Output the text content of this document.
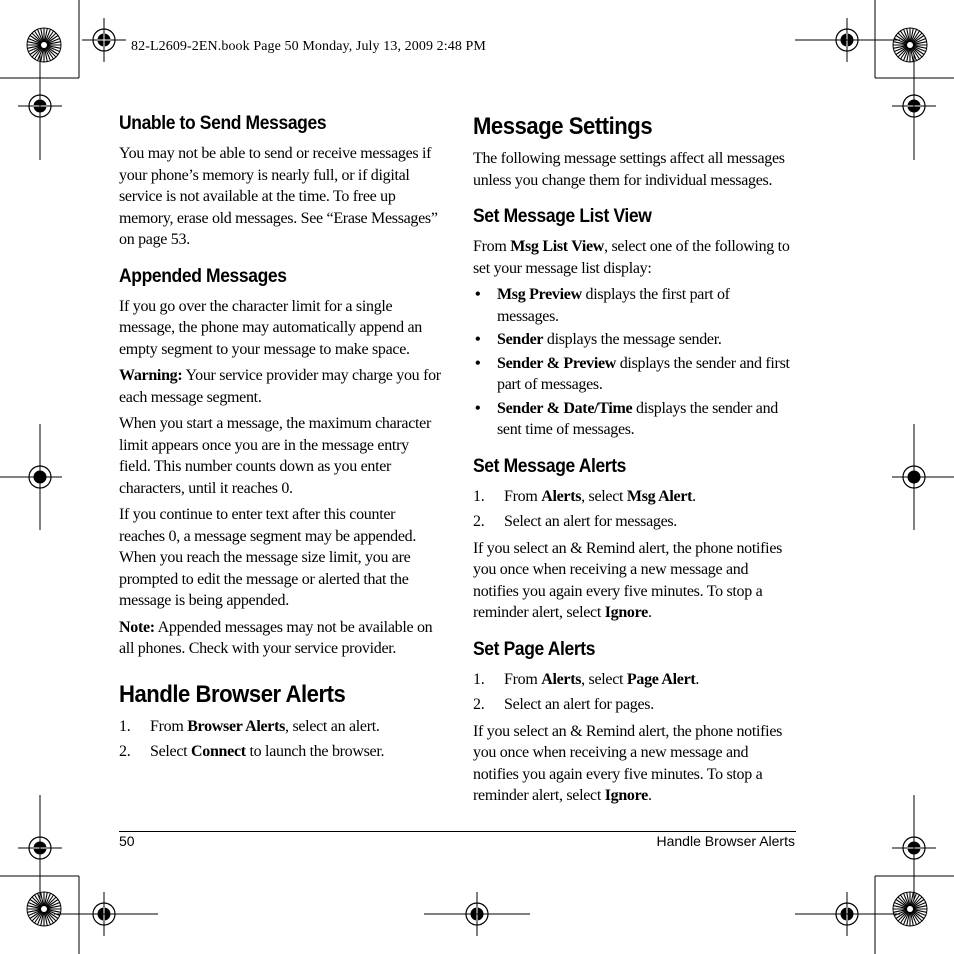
82-L2609-2EN.book Page 50 Monday, July 13, 2009 2:48 PM
Unable to Send Messages

You may not be able to send or receive messages if your phone’s memory is nearly full, or if digital service is not available at the time. To free up memory, erase old messages. See “Erase Messages” on page 53.

Appended Messages

If you go over the character limit for a single message, the phone may automatically append an empty segment to your message to make space.

Warning: Your service provider may charge you for each message segment.

When you start a message, the maximum character limit appears once you are in the message entry field. This number counts down as you enter characters, until it reaches 0.

If you continue to enter text after this counter reaches 0, a message segment may be appended. When you reach the message size limit, you are prompted to edit the message or alerted that the message is being appended.

Note: Appended messages may not be available on all phones. Check with your service provider.

Handle Browser Alerts
1. From Browser Alerts, select an alert.
2. Select Connect to launch the browser.
Message Settings

The following message settings affect all messages unless you change them for individual messages.

Set Message List View

From Msg List View, select one of the following to set your message list display:

• Msg Preview displays the first part of messages.
• Sender displays the message sender.
• Sender & Preview displays the sender and first part of messages.
• Sender & Date/Time displays the sender and sent time of messages.
Set Message Alerts
1. From Alerts, select Msg Alert.
2. Select an alert for messages.

If you select an & Remind alert, the phone notifies you once when receiving a new message and notifies you again every five minutes. To stop a reminder alert, select Ignore.

Set Page Alerts
1. From Alerts, select Page Alert.
2. Select an alert for pages.

If you select an & Remind alert, the phone notifies you once when receiving a new message and notifies you again every five minutes. To stop a reminder alert, select Ignore.

50	Handle Browser Alerts
